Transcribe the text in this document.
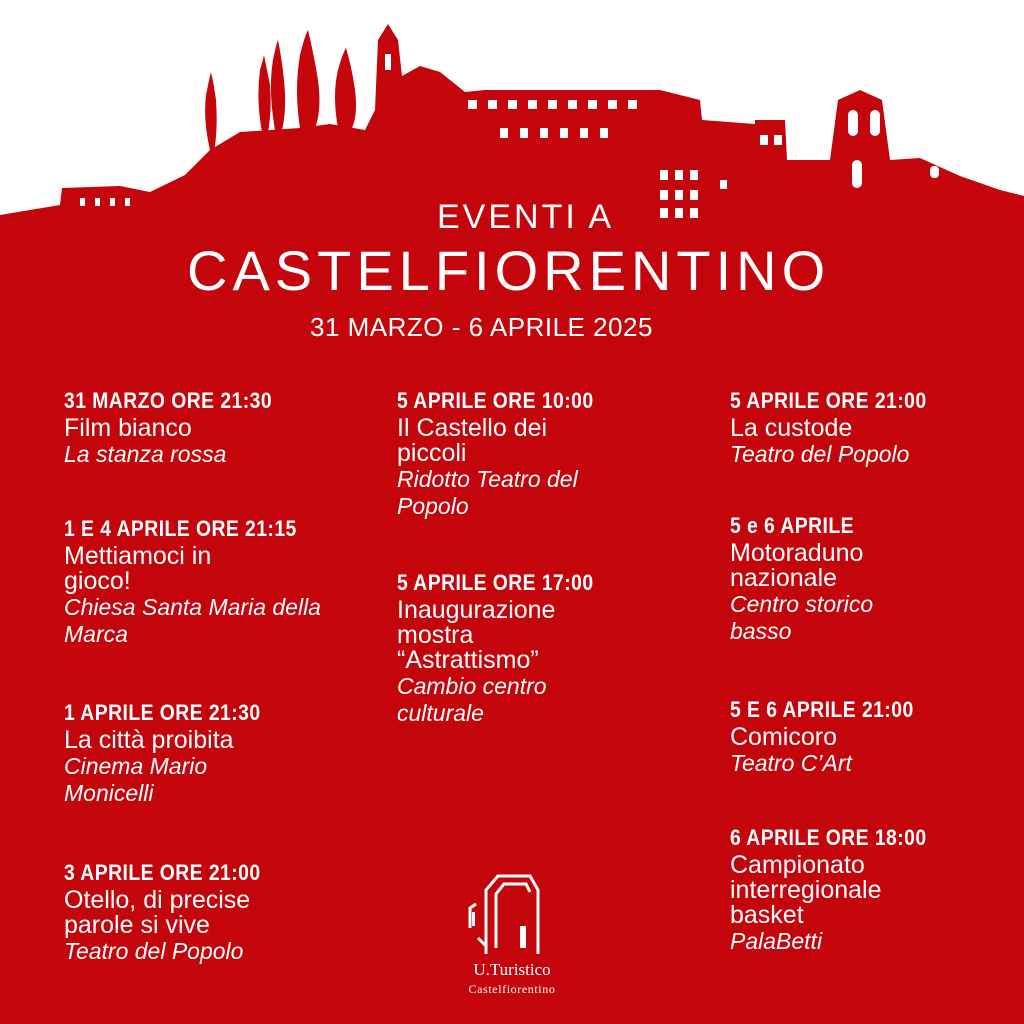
EVENTI A
CASTELFIORENTINO
31 MARZO - 6 APRILE 2025
31 MARZO ORE 21:30
Film bianco
La stanza rossa
1 E 4 APRILE ORE 21:15
Mettiamoci in gioco!
Chiesa Santa Maria della Marca
1 APRILE ORE 21:30
La città proibita
Cinema Mario Monicelli
3 APRILE ORE 21:00
Otello, di precise parole si vive
Teatro del Popolo
5 APRILE ORE 10:00
Il Castello dei piccoli
Ridotto Teatro del Popolo
5 APRILE ORE 17:00
Inaugurazione mostra “Astrattismo”
Cambio centro culturale
5 APRILE ORE 21:00
La custode
Teatro del Popolo
5 e 6 APRILE
Motoraduno nazionale
Centro storico basso
5 E 6 APRILE 21:00
Comicoro
Teatro C’Art
6 APRILE ORE 18:00
Campionato interregionale basket
PalaBetti
U.Turistico
Castelfiorentino
